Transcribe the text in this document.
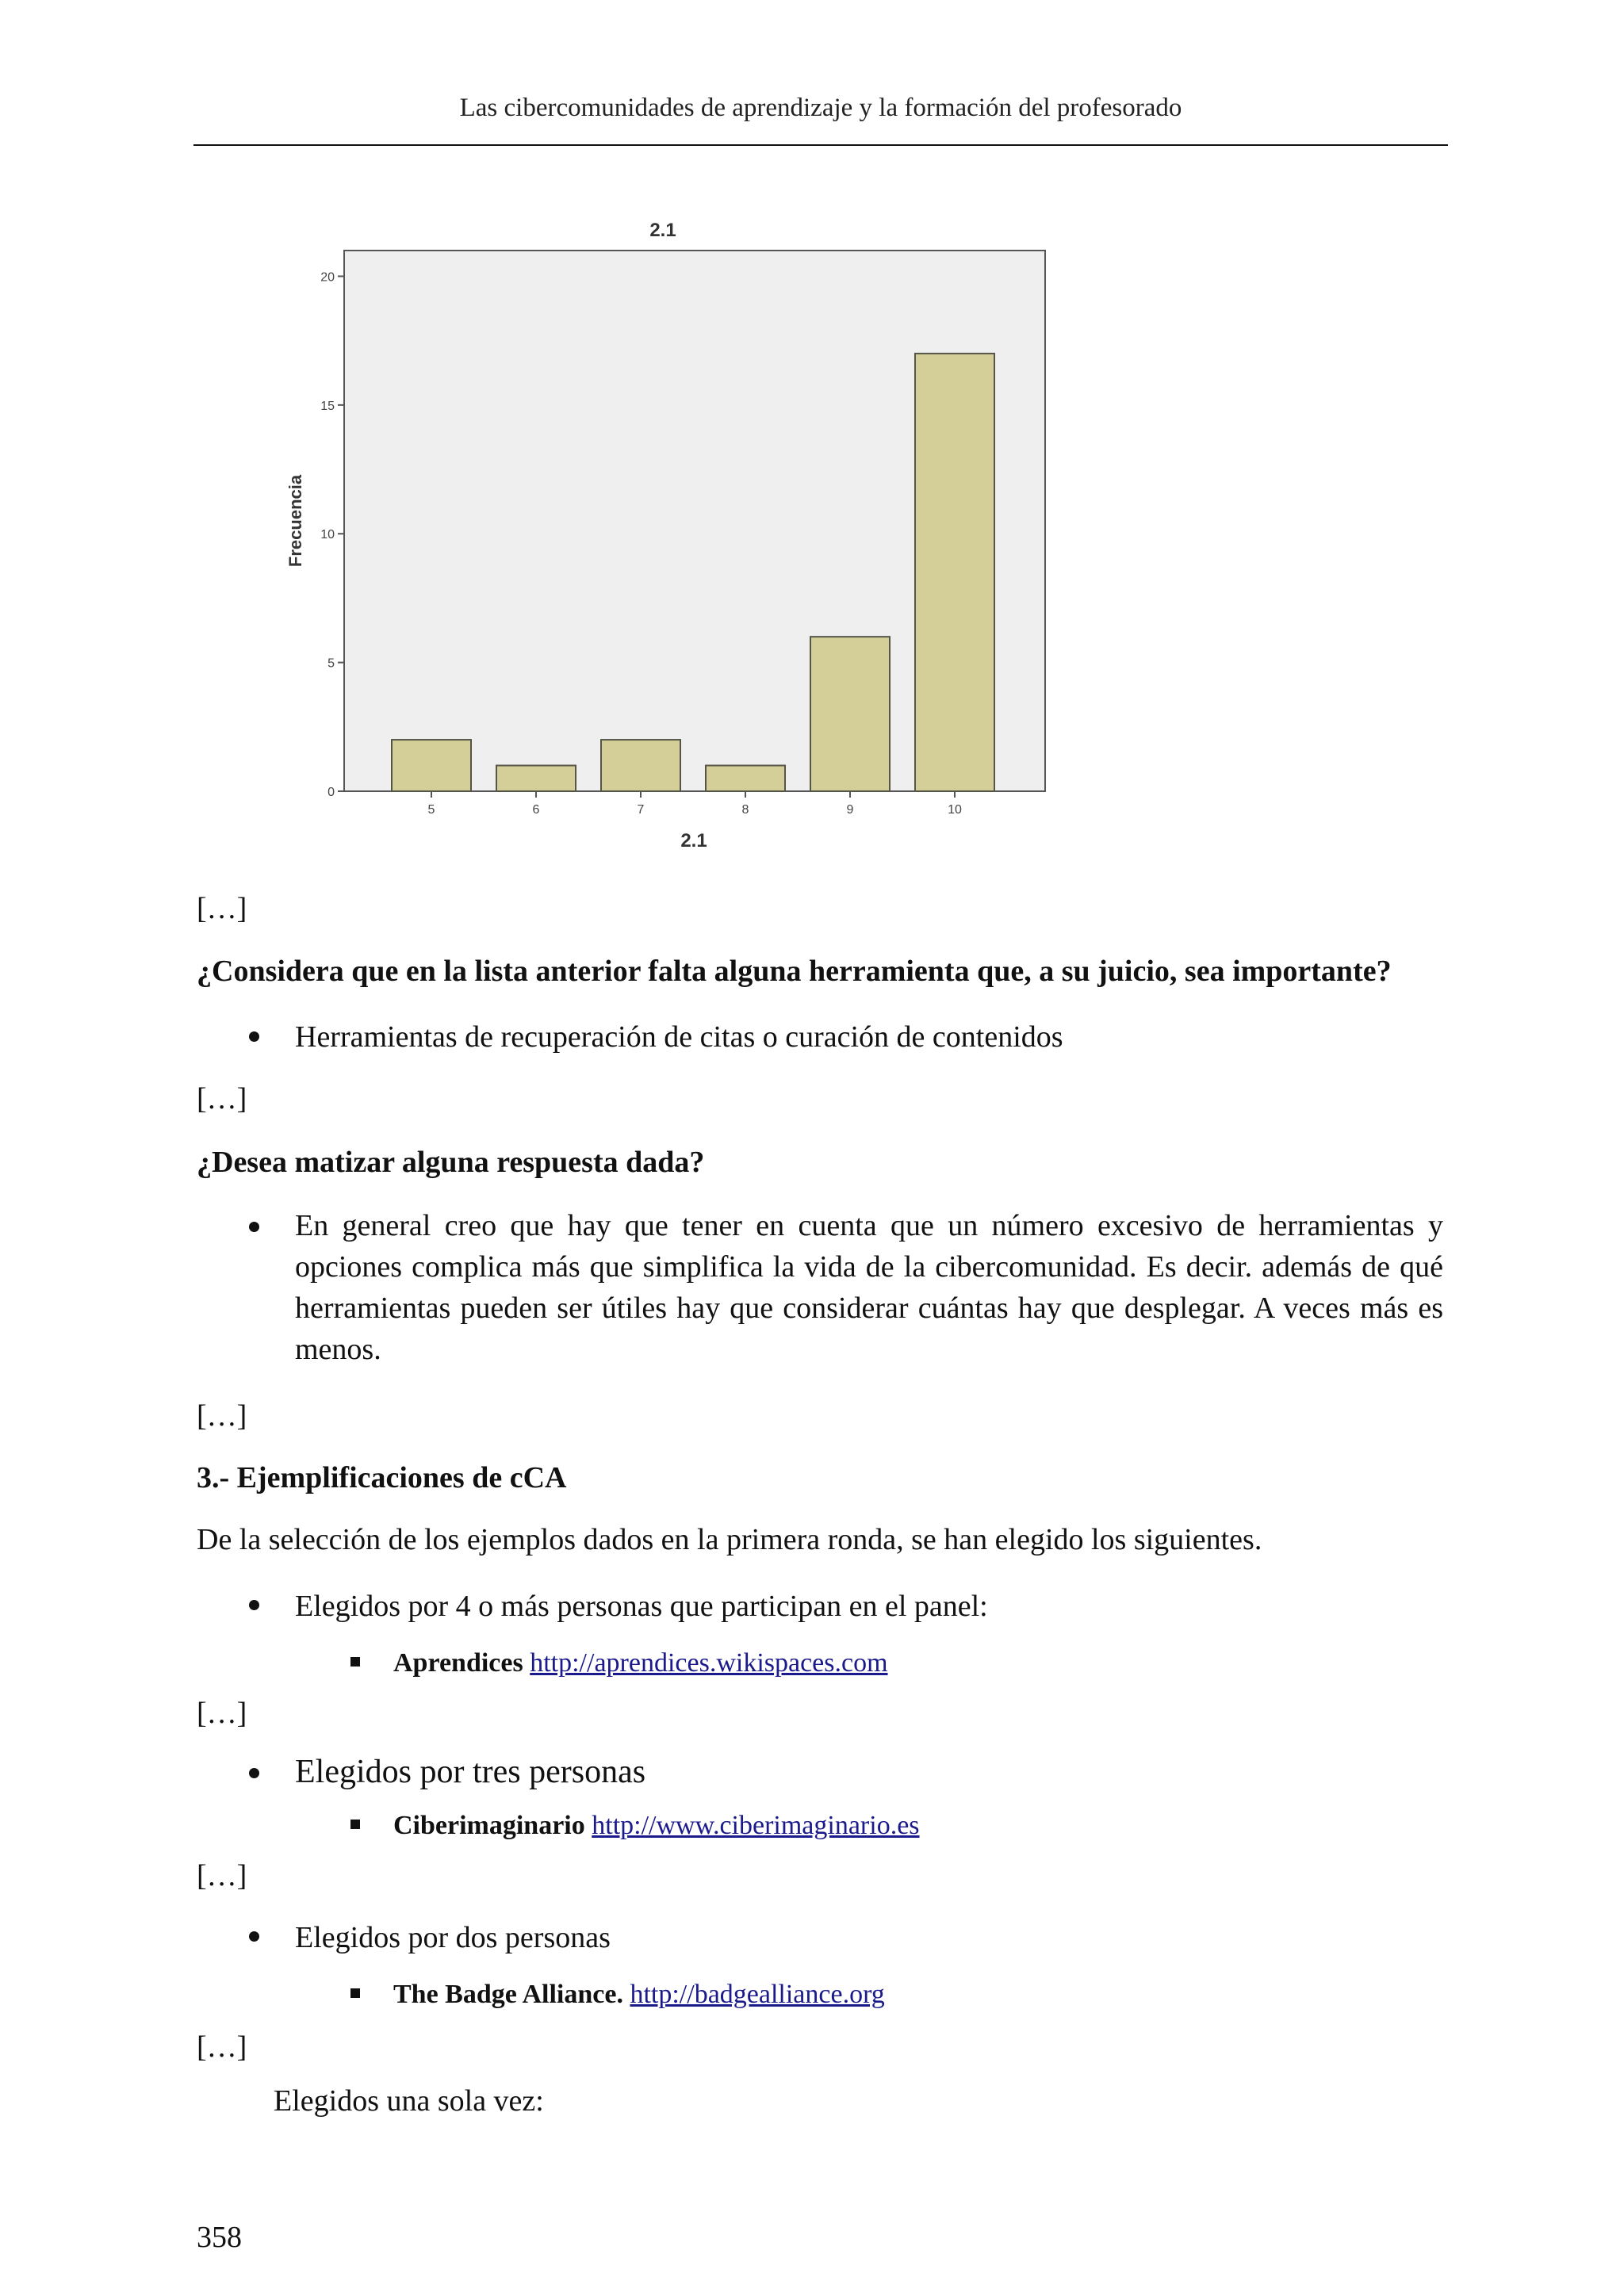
Las cibercomunidades de aprendizaje y la formación del profesorado
2.1
Frecuencia
2.1
0
5
10
15
20
5	6	7	8	9	10
[…]
¿Considera que en la lista anterior falta alguna herramienta que, a su juicio, sea importante?
Herramientas de recuperación de citas o curación de contenidos
[…]
¿Desea matizar alguna respuesta dada?
En general creo que hay que tener en cuenta que un número excesivo de herramientas y opciones complica más que simplifica la vida de la cibercomunidad. Es decir. además de qué herramientas pueden ser útiles hay que considerar cuántas hay que desplegar. A veces más es menos.
[…]
3.- Ejemplificaciones de cCA
De la selección de los ejemplos dados en la primera ronda, se han elegido los siguientes.
Elegidos por 4 o más personas que participan en el panel:
Aprendices http://aprendices.wikispaces.com
[…]
Elegidos por tres personas
Ciberimaginario http://www.ciberimaginario.es
[…]
Elegidos por dos personas
The Badge Alliance. http://badgealliance.org
[…]
Elegidos una sola vez:
358
